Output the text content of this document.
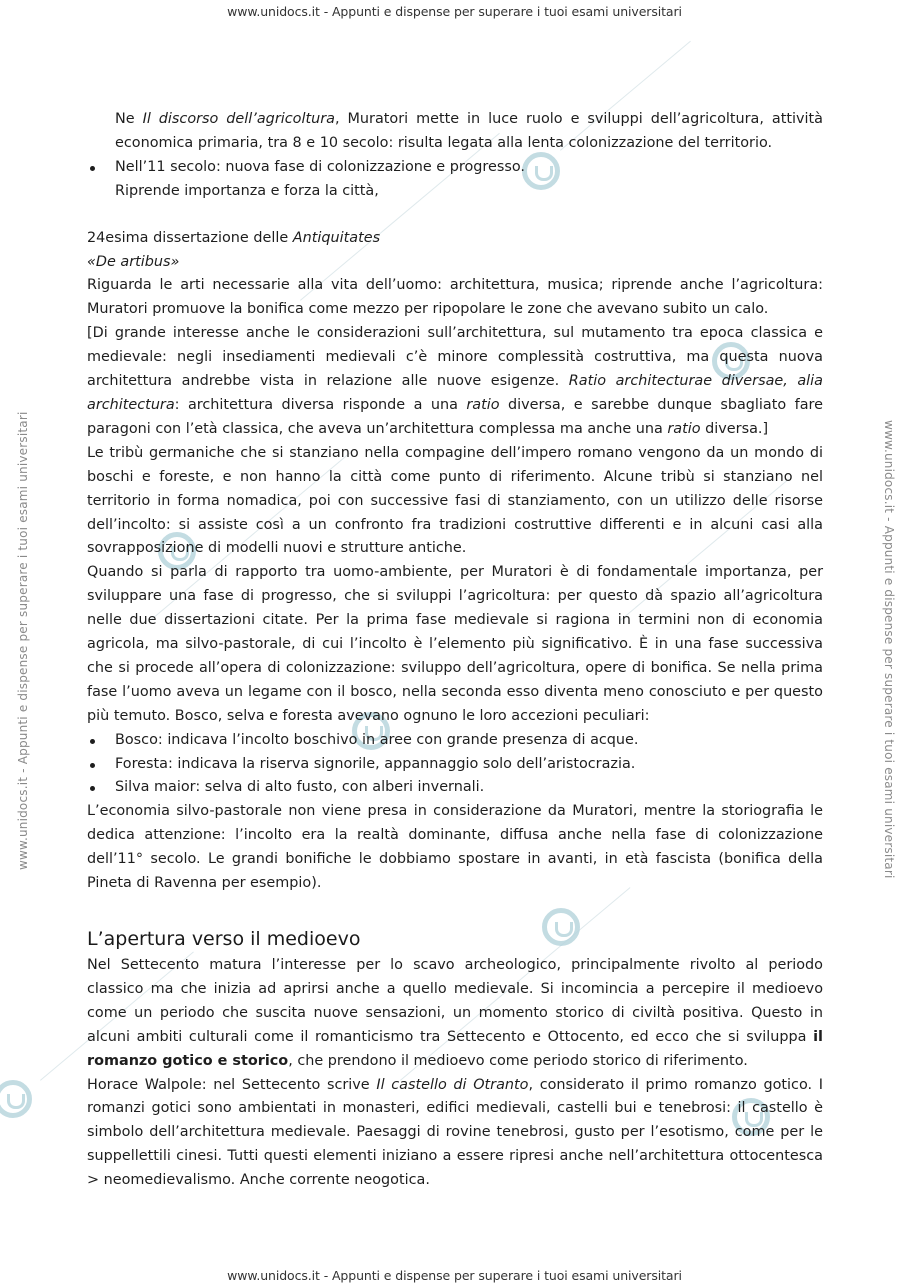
www.unidocs.it - Appunti e dispense per superare i tuoi esami universitari
www.unidocs.it - Appunti e dispense per superare i tuoi esami universitari
www.unidocs.it - Appunti e dispense per superare i tuoi esami universitari	www.unidocs.it - Appunti e dispense per superare i tuoi esami universitari

Ne Il discorso dell’agricoltura, Muratori mette in luce ruolo e sviluppi dell’agricoltura, attività economica primaria, tra 8 e 10 secolo: risulta legata alla lenta colonizzazione del territorio.

Nell’11 secolo: nuova fase di colonizzazione e progresso.
Riprende importanza e forza la città,

24esima dissertazione delle Antiquitates

«De artibus»

Riguarda le arti necessarie alla vita dell’uomo: architettura, musica; riprende anche l’agricoltura: Muratori promuove la bonifica come mezzo per ripopolare le zone che avevano subito un calo.

[Di grande interesse anche le considerazioni sull’architettura, sul mutamento tra epoca classica e medievale: negli insediamenti medievali c’è minore complessità costruttiva, ma questa nuova architettura andrebbe vista in relazione alle nuove esigenze. Ratio architecturae diversae, alia architectura: architettura diversa risponde a una ratio diversa, e sarebbe dunque sbagliato fare paragoni con l’età classica, che aveva un’architettura complessa ma anche una ratio diversa.]

Le tribù germaniche che si stanziano nella compagine dell’impero romano vengono da un mondo di boschi e foreste, e non hanno la città come punto di riferimento. Alcune tribù si stanziano nel territorio in forma nomadica, poi con successive fasi di stanziamento, con un utilizzo delle risorse dell’incolto: si assiste così a un confronto fra tradizioni costruttive differenti e in alcuni casi alla sovrapposizione di modelli nuovi e strutture antiche.

Quando si parla di rapporto tra uomo-ambiente, per Muratori è di fondamentale importanza, per sviluppare una fase di progresso, che si sviluppi l’agricoltura: per questo dà spazio all’agricoltura nelle due dissertazioni citate. Per la prima fase medievale si ragiona in termini non di economia agricola, ma silvo-pastorale, di cui l’incolto è l’elemento più significativo. È in una fase successiva che si procede all’opera di colonizzazione: sviluppo dell’agricoltura, opere di bonifica. Se nella prima fase l’uomo aveva un legame con il bosco, nella seconda esso diventa meno conosciuto e per questo più temuto. Bosco, selva e foresta avevano ognuno le loro accezioni peculiari:

Bosco: indicava l’incolto boschivo in aree con grande presenza di acque.

Foresta: indicava la riserva signorile, appannaggio solo dell’aristocrazia.

Silva maior: selva di alto fusto, con alberi invernali.

L’economia silvo-pastorale non viene presa in considerazione da Muratori, mentre la storiografia le dedica attenzione: l’incolto era la realtà dominante, diffusa anche nella fase di colonizzazione dell’11° secolo. Le grandi bonifiche le dobbiamo spostare in avanti, in età fascista (bonifica della Pineta di Ravenna per esempio).

L’apertura verso il medioevo

Nel Settecento matura l’interesse per lo scavo archeologico, principalmente rivolto al periodo classico ma che inizia ad aprirsi anche a quello medievale. Si incomincia a percepire il medioevo come un periodo che suscita nuove sensazioni, un momento storico di civiltà positiva. Questo in alcuni ambiti culturali come il romanticismo tra Settecento e Ottocento, ed ecco che si sviluppa il romanzo gotico e storico, che prendono il medioevo come periodo storico di riferimento.

Horace Walpole: nel Settecento scrive Il castello di Otranto, considerato il primo romanzo gotico. I romanzi gotici sono ambientati in monasteri, edifici medievali, castelli bui e tenebrosi: il castello è simbolo dell’architettura medievale. Paesaggi di rovine tenebrosi, gusto per l’esotismo, come per le suppellettili cinesi. Tutti questi elementi iniziano a essere ripresi anche nell’architettura ottocentesca > neomedievalismo. Anche corrente neogotica.
